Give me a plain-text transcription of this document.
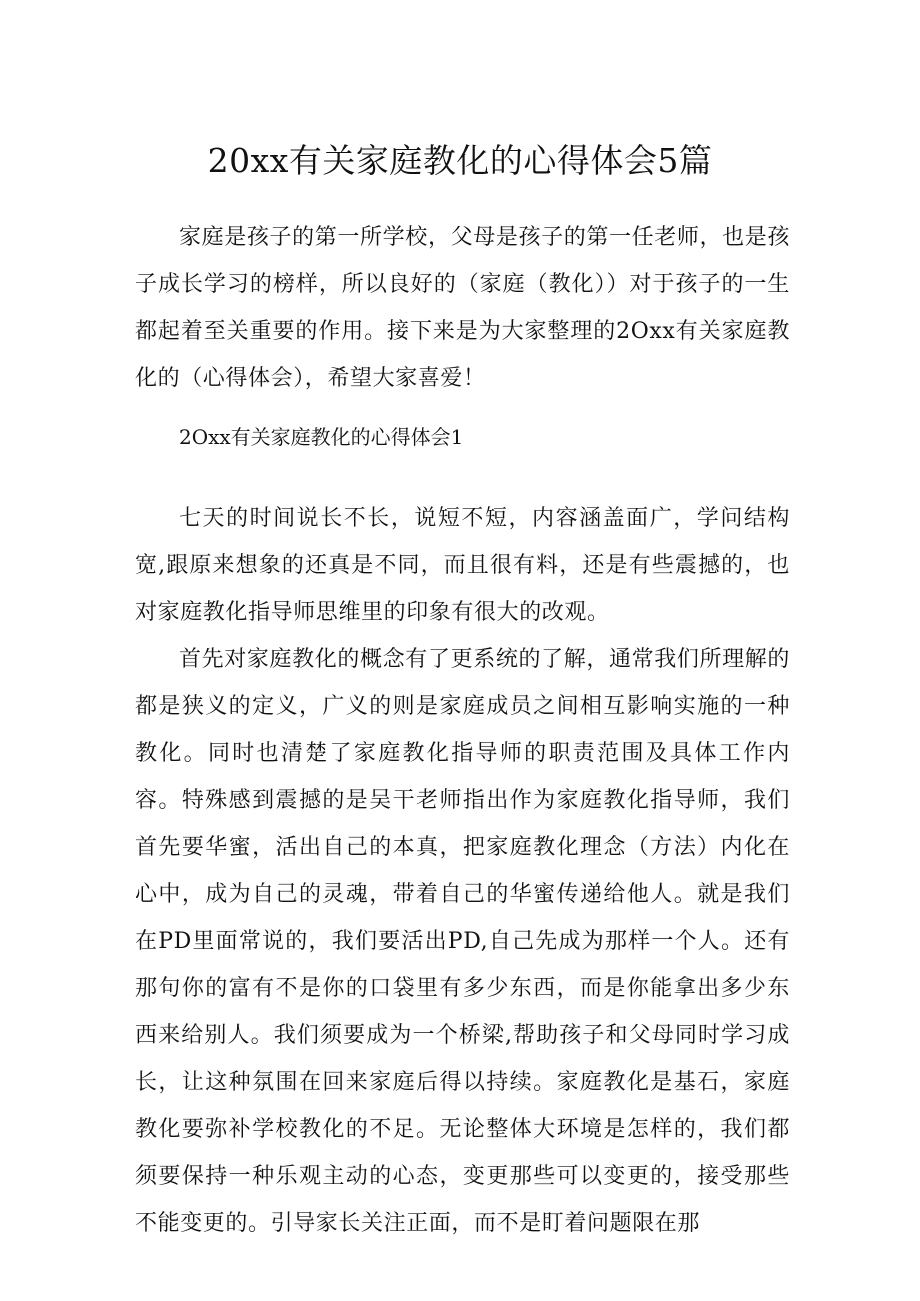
20xx有关家庭教化的心得体会5篇

家庭是孩子的第一所学校，父母是孩子的第一任老师，也是孩子成长学习的榜样，所以良好的（家庭（教化））对于孩子的一生都起着至关重要的作用。接下来是为大家整理的2Oxx有关家庭教化的（心得体会），希望大家喜爱！

2Oxx有关家庭教化的心得体会1

七天的时间说长不长，说短不短，内容涵盖面广，学问结构宽,跟原来想象的还真是不同，而且很有料，还是有些震撼的，也对家庭教化指导师思维里的印象有很大的改观。

首先对家庭教化的概念有了更系统的了解，通常我们所理解的都是狭义的定义，广义的则是家庭成员之间相互影响实施的一种教化。同时也清楚了家庭教化指导师的职责范围及具体工作内容。特殊感到震撼的是吴干老师指出作为家庭教化指导师，我们首先要华蜜，活出自己的本真，把家庭教化理念（方法）内化在心中，成为自己的灵魂，带着自己的华蜜传递给他人。就是我们在PD里面常说的，我们要活出PD,自己先成为那样一个人。还有那句你的富有不是你的口袋里有多少东西，而是你能拿出多少东西来给别人。我们须要成为一个桥梁,帮助孩子和父母同时学习成长，让这种氛围在回来家庭后得以持续。家庭教化是基石，家庭教化要弥补学校教化的不足。无论整体大环境是怎样的，我们都须要保持一种乐观主动的心态，变更那些可以变更的，接受那些不能变更的。引导家长关注正面，而不是盯着问题限在那
